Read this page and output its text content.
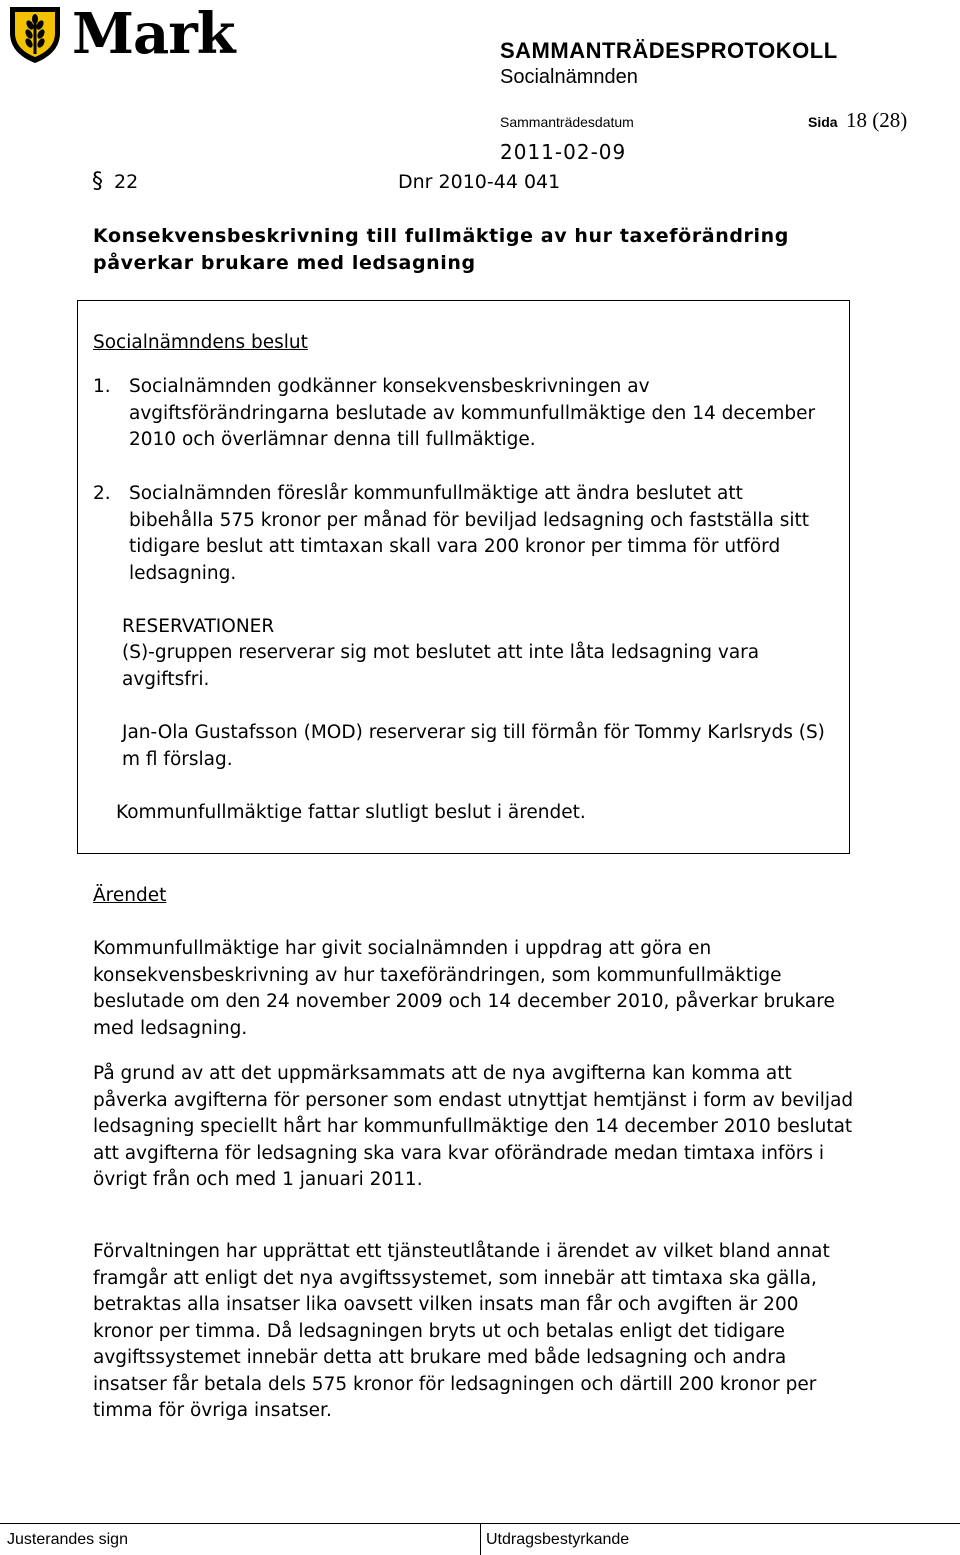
Mark	SAMMANTRÄDESPROTOKOLL
Socialnämnden
Sammanträdesdatum	Sida 18 (28)
2011-02-09
§ 22	Dnr 2010-44 041
Konsekvensbeskrivning till fullmäktige av hur taxeförändring påverkar brukare med ledsagning
Socialnämndens beslut
1. Socialnämnden godkänner konsekvensbeskrivningen av avgiftsförändringarna beslutade av kommunfullmäktige den 14 december 2010 och överlämnar denna till fullmäktige.
2. Socialnämnden föreslår kommunfullmäktige att ändra beslutet att bibehålla 575 kronor per månad för beviljad ledsagning och fastställa sitt tidigare beslut att timtaxan skall vara 200 kronor per timma för utförd ledsagning.
RESERVATIONER
(S)-gruppen reserverar sig mot beslutet att inte låta ledsagning vara avgiftsfri.
Jan-Ola Gustafsson (MOD) reserverar sig till förmån för Tommy Karlsryds (S) m fl förslag.
Kommunfullmäktige fattar slutligt beslut i ärendet.
Ärendet
Kommunfullmäktige har givit socialnämnden i uppdrag att göra en konsekvensbeskrivning av hur taxeförändringen, som kommunfullmäktige beslutade om den 24 november 2009 och 14 december 2010, påverkar brukare med ledsagning.
På grund av att det uppmärksammats att de nya avgifterna kan komma att påverka avgifterna för personer som endast utnyttjat hemtjänst i form av beviljad ledsagning speciellt hårt har kommunfullmäktige den 14 december 2010 beslutat att avgifterna för ledsagning ska vara kvar oförändrade medan timtaxa införs i övrigt från och med 1 januari 2011.
Förvaltningen har upprättat ett tjänsteutlåtande i ärendet av vilket bland annat framgår att enligt det nya avgiftssystemet, som innebär att timtaxa ska gälla, betraktas alla insatser lika oavsett vilken insats man får och avgiften är 200 kronor per timma. Då ledsagningen bryts ut och betalas enligt det tidigare avgiftssystemet innebär detta att brukare med både ledsagning och andra insatser får betala dels 575 kronor för ledsagningen och därtill 200 kronor per timma för övriga insatser.
Justerandes sign	Utdragsbestyrkande
